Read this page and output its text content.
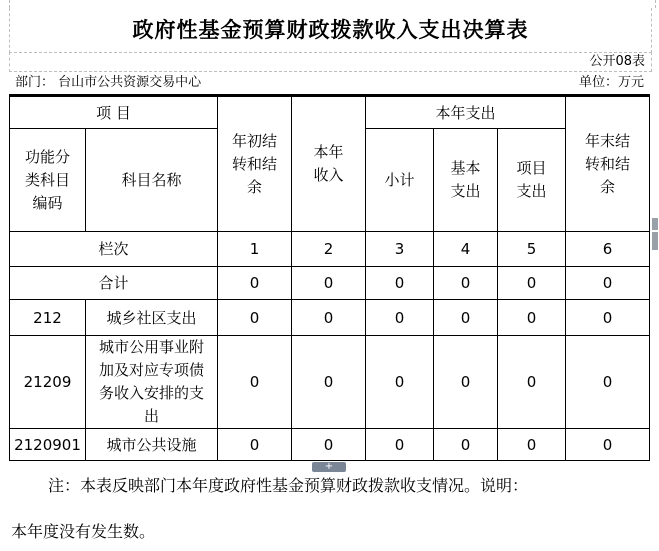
政府性基金预算财政拨款收入支出决算表
公开08表
部门： 台山市公共资源交易中心	单位：万元
项 目		年初结转和结余	本年收入	本年支出			年末结转和结余
功能分类科目编码	科目名称			小计	基本支出	项目支出	
栏次		1	2	3	4	5	6
合计		0	0	0	0	0	0
212	城乡社区支出	0	0	0	0	0	0
21209	城市公用事业附加及对应专项债务收入安排的支出	0	0	0	0	0	0
2120901	城市公共设施	0	0	0	0	0	0
+
注：本表反映部门本年度政府性基金预算财政拨款收支情况。说明：
本年度没有发生数。
